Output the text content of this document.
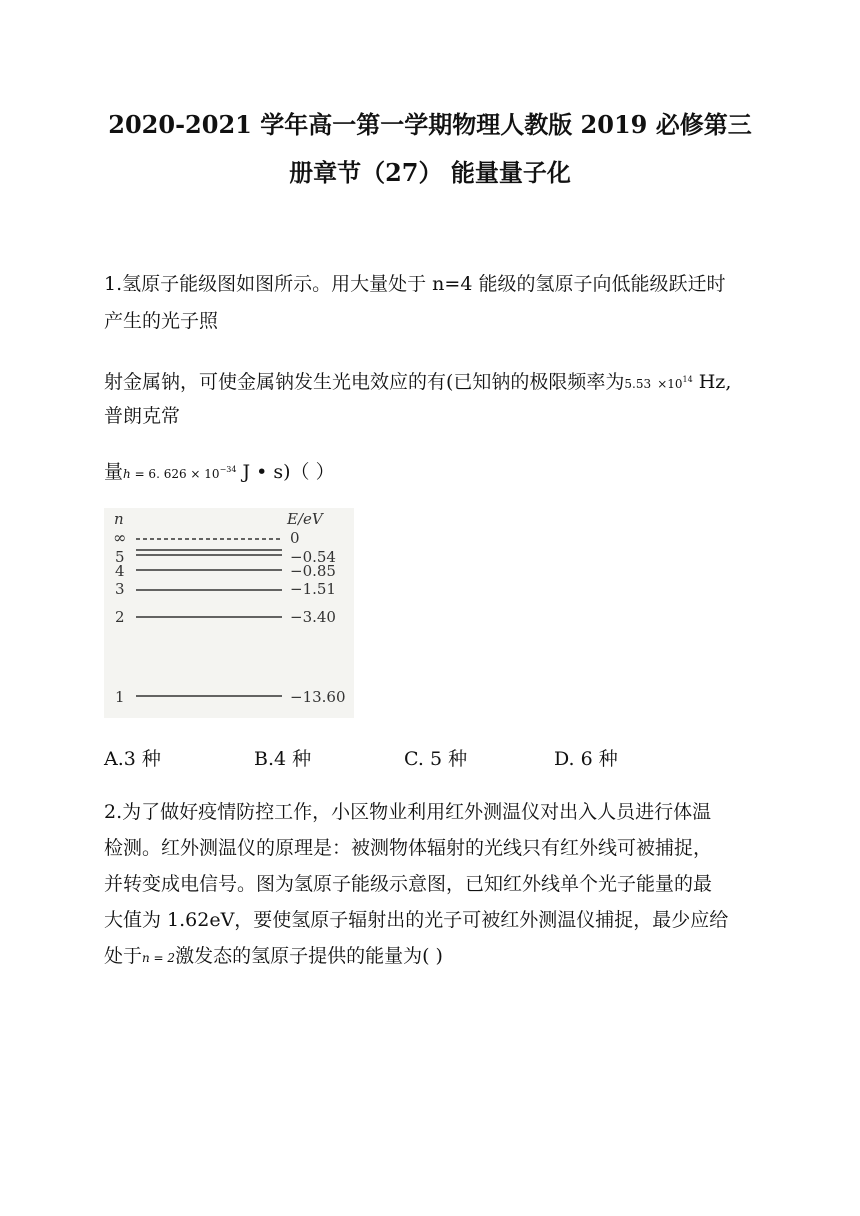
2020-2021 学年高一第一学期物理人教版 2019 必修第三
册章节（27） 能量量子化
1.氢原子能级图如图所示。用大量处于 n=4 能级的氢原子向低能级跃迁时
产生的光子照
射金属钠，可使金属钠发生光电效应的有(已知钠的极限频率为$5.53 \times 10^{14}$ Hz,
普朗克常
量h = 6. $626 \times 10^{-34}$ J • s)（ ）
n	E/eV
∞	0
5	−0.54
4	−0.85
3	−1.51
2	−3.40
1	−13.60
A.3 种	B.4 种	C. 5 种	D. 6 种
2.为了做好疫情防控工作，小区物业利用红外测温仪对出入人员进行体温
检测。红外测温仪的原理是：被测物体辐射的光线只有红外线可被捕捉，
并转变成电信号。图为氢原子能级示意图，已知红外线单个光子能量的最
大值为 1.62eV，要使氢原子辐射出的光子可被红外测温仪捕捉，最少应给
处于n = 2激发态的氢原子提供的能量为( )
